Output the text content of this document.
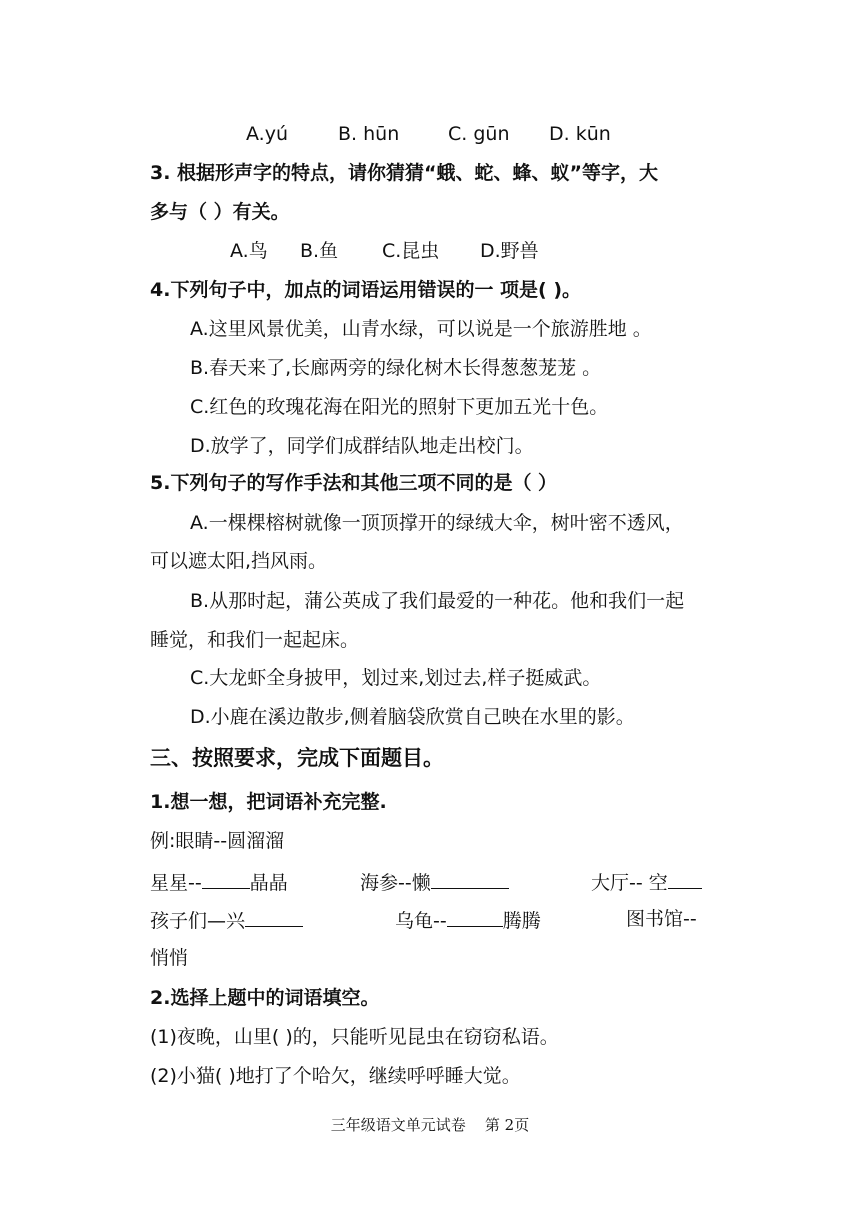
A.yú	B. hūn	C. gūn D. kūn
3. 根据形声字的特点，请你猜猜“蛾、蛇、蜂、蚁”等字，大
多与（ ）有关。
A.鸟 B.鱼 C.昆虫 D.野兽
4.下列句子中，加点的词语运用错误的一 项是( )。
A.这里风景优美，山青水绿，可以说是一个旅游胜地 。
B.春天来了,长廊两旁的绿化树木长得葱葱茏茏 。
C.红色的玫瑰花海在阳光的照射下更加五光十色。
D.放学了，同学们成群结队地走出校门。
5.下列句子的写作手法和其他三项不同的是（ ）
A.一棵棵榕树就像一顶顶撑开的绿绒大伞，树叶密不透风，
可以遮太阳,挡风雨。
B.从那时起，蒲公英成了我们最爱的一种花。他和我们一起
睡觉，和我们一起起床。
C.大龙虾全身披甲，划过来,划过去,样子挺威武。
D.小鹿在溪边散步,侧着脑袋欣赏自己映在水里的影。
三、按照要求，完成下面题目。
1.想一想，把词语补充完整.
例:眼睛--圆溜溜
星星--	晶晶	海参--懒	大厅-- 空
孩子们—兴	乌龟--	腾腾	图书馆--
悄悄
2.选择上题中的词语填空。
(1)夜晚，山里( )的，只能听见昆虫在窃窃私语。
(2)小猫( )地打了个哈欠，继续呼呼睡大觉。
三年级语文单元试卷 第 2页
